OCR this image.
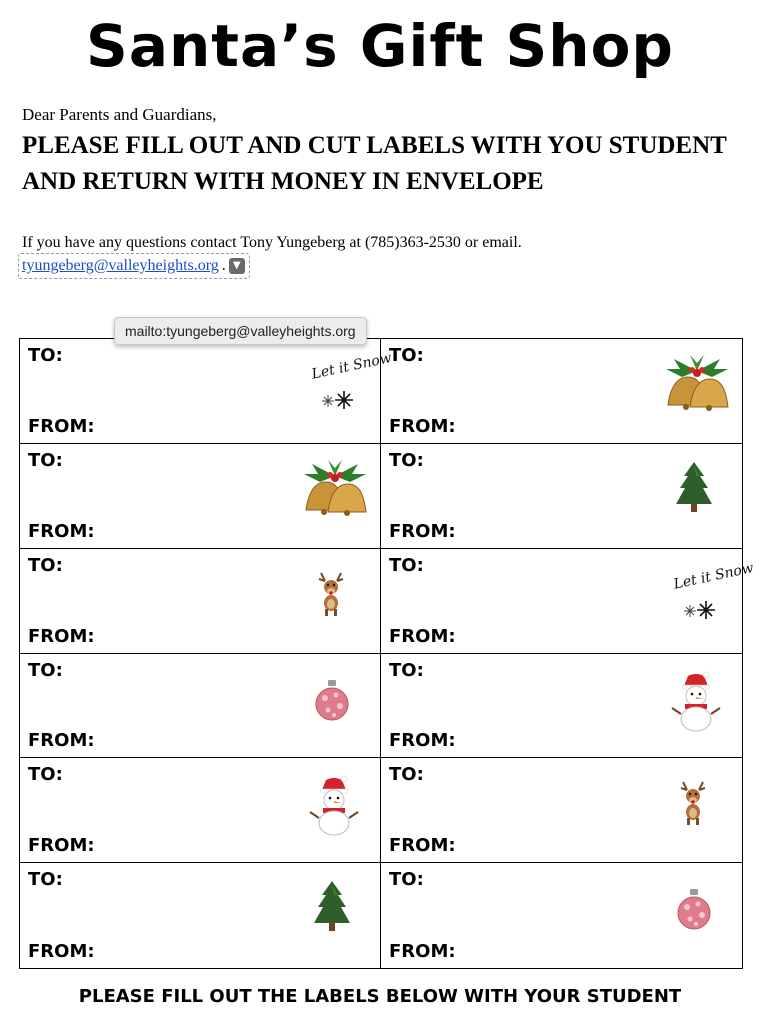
Santa’s Gift Shop
Dear Parents and Guardians,
PLEASE FILL OUT AND CUT LABELS WITH YOU STUDENT AND RETURN WITH MONEY IN ENVELOPE
If you have any questions contact Tony Yungeberg at (785)363-2530 or email.
tyungeberg@valleyheights.org . ▼
mailto:tyungeberg@valleyheights.org
TO:
FROM:
Let it Snow
TO:
FROM:
TO:
FROM:
TO:
FROM:
TO:
FROM:
TO:
FROM:
Let it Snow
TO:
FROM:
TO:
FROM:
TO:
FROM:
TO:
FROM:
TO:
FROM:
TO:
FROM:
PLEASE FILL OUT THE LABELS BELOW WITH YOUR STUDENT
